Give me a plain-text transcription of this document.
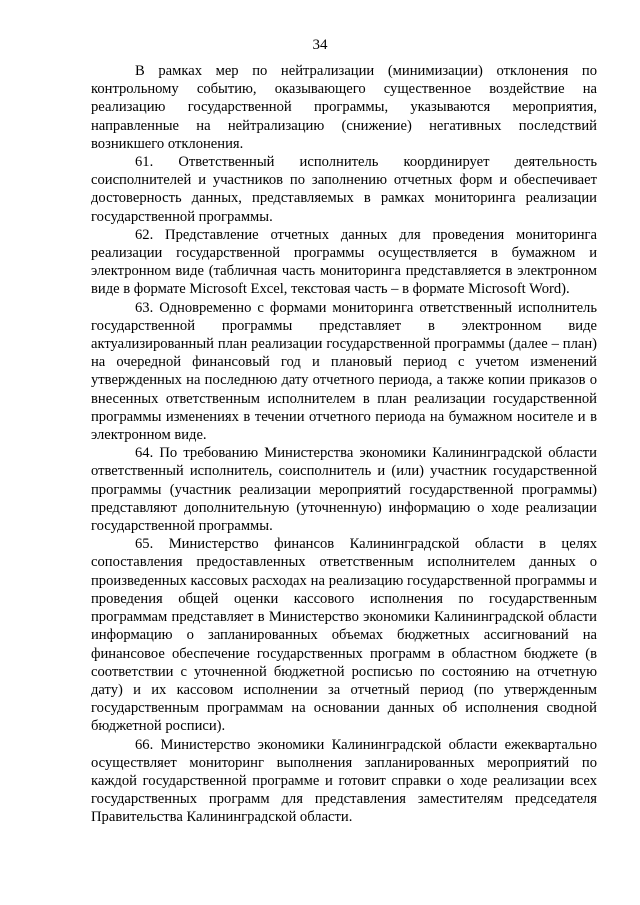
34

В рамках мер по нейтрализации (минимизации) отклонения по контрольному событию, оказывающего существенное воздействие на реализацию государственной программы, указываются мероприятия, направленные на нейтрализацию (снижение) негативных последствий возникшего отклонения.

61. Ответственный исполнитель координирует деятельность соисполнителей и участников по заполнению отчетных форм и обеспечивает достоверность данных, представляемых в рамках мониторинга реализации государственной программы.

62. Представление отчетных данных для проведения мониторинга реализации государственной программы осуществляется в бумажном и электронном виде (табличная часть мониторинга представляется в электронном виде в формате Microsoft Excel, текстовая часть – в формате Microsoft Word).

63. Одновременно с формами мониторинга ответственный исполнитель государственной программы представляет в электронном виде актуализированный план реализации государственной программы (далее – план) на очередной финансовый год и плановый период с учетом изменений утвержденных на последнюю дату отчетного периода, а также копии приказов о внесенных ответственным исполнителем в план реализации государственной программы изменениях в течении отчетного периода на бумажном носителе и в электронном виде.

64. По требованию Министерства экономики Калининградской области ответственный исполнитель, соисполнитель и (или) участник государственной программы (участник реализации мероприятий государственной программы) представляют дополнительную (уточненную) информацию о ходе реализации государственной программы.

65. Министерство финансов Калининградской области в целях сопоставления предоставленных ответственным исполнителем данных о произведенных кассовых расходах на реализацию государственной программы и проведения общей оценки кассового исполнения по государственным программам представляет в Министерство экономики Калининградской области информацию о запланированных объемах бюджетных ассигнований на финансовое обеспечение государственных программ в областном бюджете (в соответствии с уточненной бюджетной росписью по состоянию на отчетную дату) и их кассовом исполнении за отчетный период (по утвержденным государственным программам на основании данных об исполнения сводной бюджетной росписи).

66. Министерство экономики Калининградской области ежеквартально осуществляет мониторинг выполнения запланированных мероприятий по каждой государственной программе и готовит справки о ходе реализации всех государственных программ для представления заместителям председателя Правительства Калининградской области.
